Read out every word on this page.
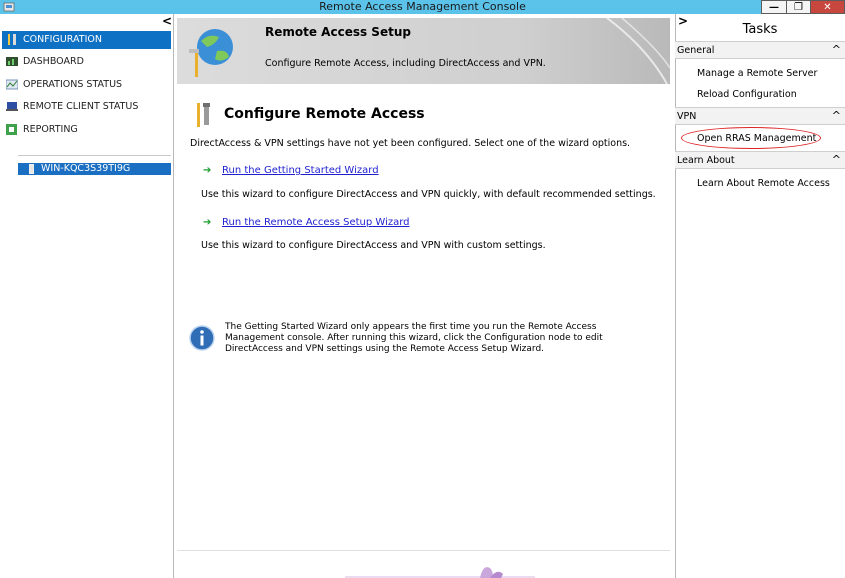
Remote Access Management Console	—	❐	✕
<
CONFIGURATION
DASHBOARD
OPERATIONS STATUS
REMOTE CLIENT STATUS
REPORTING
WIN-KQC3S39TI9G
Remote Access Setup
Configure Remote Access, including DirectAccess and VPN.
Configure Remote Access
DirectAccess & VPN settings have not yet been configured. Select one of the wizard options.
➔ Run the Getting Started Wizard
Use this wizard to configure DirectAccess and VPN quickly, with default recommended settings.
➔ Run the Remote Access Setup Wizard
Use this wizard to configure DirectAccess and VPN with custom settings.
The Getting Started Wizard only appears the first time you run the Remote Access Management console. After running this wizard, click the Configuration node to edit DirectAccess and VPN settings using the Remote Access Setup Wizard.
>
Tasks
General	^
Manage a Remote Server
Reload Configuration
VPN	^
Open RRAS Management
Learn About	^
Learn About Remote Access
